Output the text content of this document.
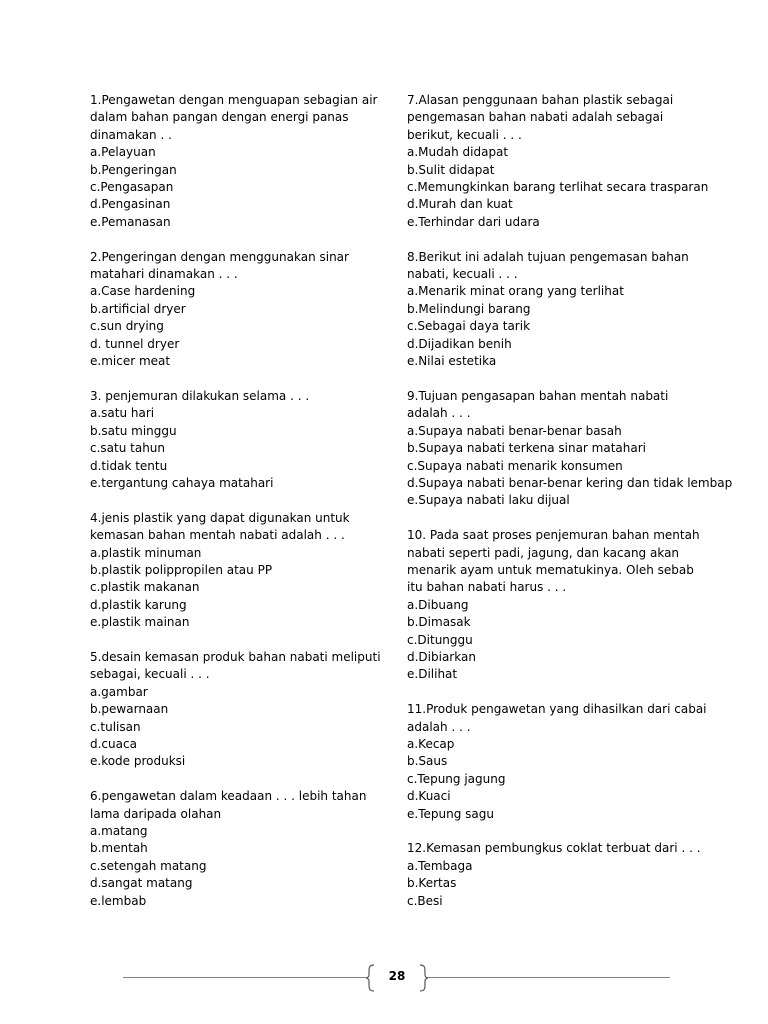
1.Pengawetan dengan menguapan sebagian air dalam bahan pangan dengan energi panas dinamakan . .
a.Pelayuan
b.Pengeringan
c.Pengasapan
d.Pengasinan
e.Pemanasan
2.Pengeringan dengan menggunakan sinar matahari dinamakan . . .
a.Case hardening
b.artificial dryer
c.sun drying
d. tunnel dryer
e.micer meat
3. penjemuran dilakukan selama . . .
a.satu hari
b.satu minggu
c.satu tahun
d.tidak tentu
e.tergantung cahaya matahari
4.jenis plastik yang dapat digunakan untuk kemasan bahan mentah nabati adalah . . .
a.plastik minuman
b.plastik polippropilen atau PP
c.plastik makanan
d.plastik karung
e.plastik mainan
5.desain kemasan produk bahan nabati meliputi sebagai, kecuali . . .
a.gambar
b.pewarnaan
c.tulisan
d.cuaca
e.kode produksi
6.pengawetan dalam keadaan . . . lebih tahan lama daripada olahan
a.matang
b.mentah
c.setengah matang
d.sangat matang
e.lembab
7.Alasan penggunaan bahan plastik sebagai pengemasan bahan nabati adalah sebagai berikut, kecuali . . .
a.Mudah didapat
b.Sulit didapat
c.Memungkinkan barang terlihat secara trasparan
d.Murah dan kuat
e.Terhindar dari udara
8.Berikut ini adalah tujuan pengemasan bahan nabati, kecuali . . .
a.Menarik minat orang yang terlihat
b.Melindungi barang
c.Sebagai daya tarik
d.Dijadikan benih
e.Nilai estetika
9.Tujuan pengasapan bahan mentah nabati adalah . . .
a.Supaya nabati benar-benar basah
b.Supaya nabati terkena sinar matahari
c.Supaya nabati menarik konsumen
d.Supaya nabati benar-benar kering dan tidak lembap
e.Supaya nabati laku dijual
10. Pada saat proses penjemuran bahan mentah nabati seperti padi, jagung, dan kacang akan menarik ayam untuk mematukinya. Oleh sebab itu bahan nabati harus . . .
a.Dibuang
b.Dimasak
c.Ditunggu
d.Dibiarkan
e.Dilihat
11.Produk pengawetan yang dihasilkan dari cabai adalah . . .
a.Kecap
b.Saus
c.Tepung jagung
d.Kuaci
e.Tepung sagu
12.Kemasan pembungkus coklat terbuat dari . . .
a.Tembaga
b.Kertas
c.Besi
28
